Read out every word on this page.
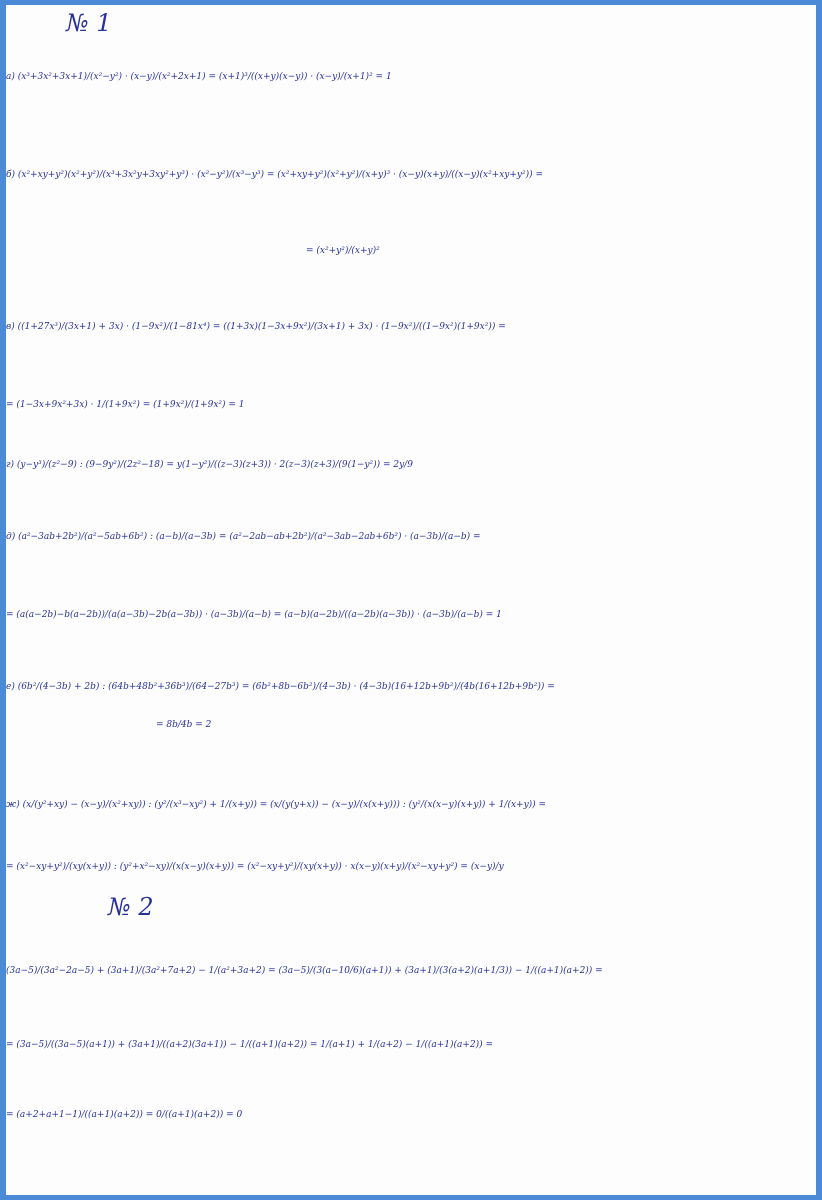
№ 1
№ 2
а) (x³+3x²+3x+1)/(x²−y²) · (x−y)/(x²+2x+1) = (x+1)³/((x+y)(x−y)) · (x−y)/(x+1)² = 1
б) (x²+xy+y²)(x²+y²)/(x³+3x²y+3xy²+y³) · (x²−y²)/(x³−y³) = (x²+xy+y²)(x²+y²)/(x+y)³ · (x−y)(x+y)/((x−y)(x²+xy+y²)) =
= (x²+y²)/(x+y)²
в) ((1+27x³)/(3x+1) + 3x) · (1−9x²)/(1−81x⁴) = ((1+3x)(1−3x+9x²)/(3x+1) + 3x) · (1−9x²)/((1−9x²)(1+9x²)) =
= (1−3x+9x²+3x) · 1/(1+9x²) = (1+9x²)/(1+9x²) = 1
г) (y−y³)/(z²−9) : (9−9y²)/(2z²−18) = y(1−y²)/((z−3)(z+3)) · 2(z−3)(z+3)/(9(1−y²)) = 2y/9
д) (a²−3ab+2b²)/(a²−5ab+6b²) : (a−b)/(a−3b) = (a²−2ab−ab+2b²)/(a²−3ab−2ab+6b²) · (a−3b)/(a−b) =
= (a(a−2b)−b(a−2b))/(a(a−3b)−2b(a−3b)) · (a−3b)/(a−b) = (a−b)(a−2b)/((a−2b)(a−3b)) · (a−3b)/(a−b) = 1
е) (6b²/(4−3b) + 2b) : (64b+48b²+36b³)/(64−27b³) = (6b²+8b−6b²)/(4−3b) · (4−3b)(16+12b+9b²)/(4b(16+12b+9b²)) =
= 8b/4b = 2
ж) (x/(y²+xy) − (x−y)/(x²+xy)) : (y²/(x³−xy²) + 1/(x+y)) = (x/(y(y+x)) − (x−y)/(x(x+y))) : (y²/(x(x−y)(x+y)) + 1/(x+y)) =
= (x²−xy+y²)/(xy(x+y)) : (y²+x²−xy)/(x(x−y)(x+y)) = (x²−xy+y²)/(xy(x+y)) · x(x−y)(x+y)/(x²−xy+y²) = (x−y)/y
(3a−5)/(3a²−2a−5) + (3a+1)/(3a²+7a+2) − 1/(a²+3a+2) = (3a−5)/(3(a−10/6)(a+1)) + (3a+1)/(3(a+2)(a+1/3)) − 1/((a+1)(a+2)) =
= (3a−5)/((3a−5)(a+1)) + (3a+1)/((a+2)(3a+1)) − 1/((a+1)(a+2)) = 1/(a+1) + 1/(a+2) − 1/((a+1)(a+2)) =
= (a+2+a+1−1)/((a+1)(a+2)) = 0/((a+1)(a+2)) = 0
